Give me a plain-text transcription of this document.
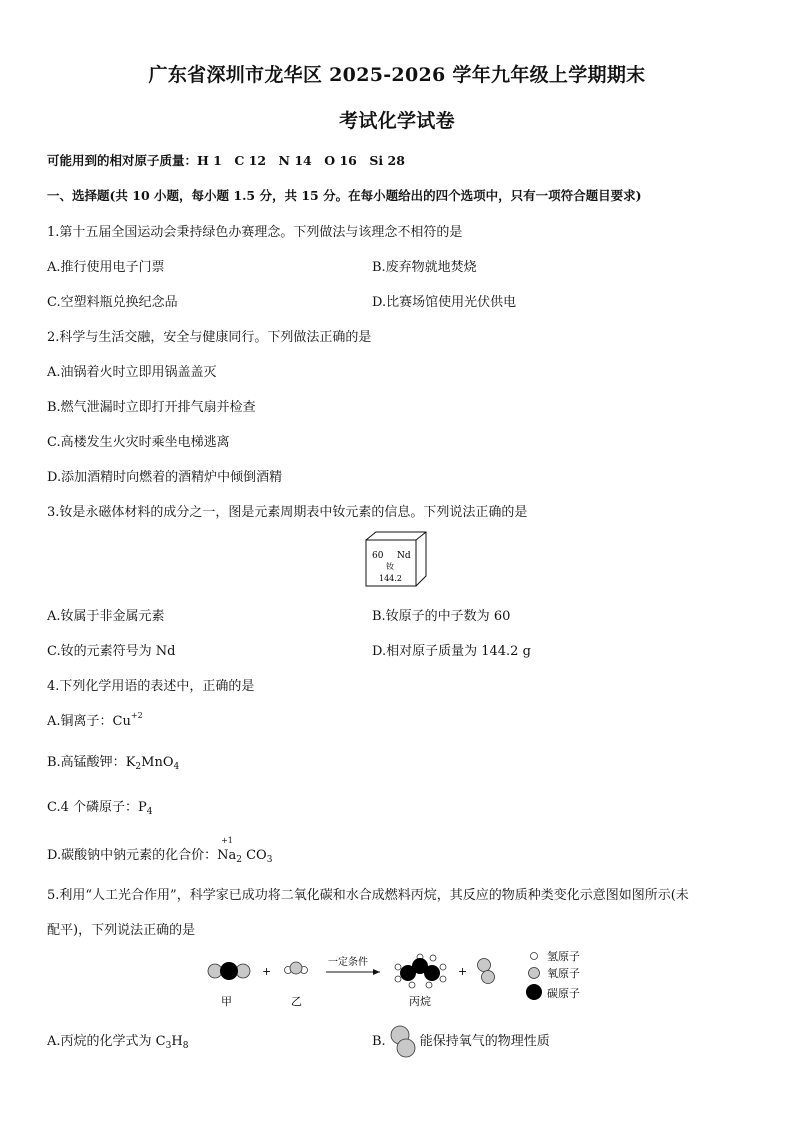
广东省深圳市龙华区 2025-2026 学年九年级上学期期末
考试化学试卷
可能用到的相对原子质量：H 1　C 12　N 14　O 16　Si 28
一、选择题(共 10 小题，每小题 1.5 分，共 15 分。在每小题给出的四个选项中，只有一项符合题目要求)
1.第十五届全国运动会秉持绿色办赛理念。下列做法与该理念不相符的是
A.推行使用电子门票	B.废弃物就地焚烧
C.空塑料瓶兑换纪念品	D.比赛场馆使用光伏供电
2.科学与生活交融，安全与健康同行。下列做法正确的是
A.油锅着火时立即用锅盖盖灭
B.燃气泄漏时立即打开排气扇并检查
C.高楼发生火灾时乘坐电梯逃离
D.添加酒精时向燃着的酒精炉中倾倒酒精
3.钕是永磁体材料的成分之一，图是元素周期表中钕元素的信息。下列说法正确的是
60 Nd
钕
144.2
A.钕属于非金属元素	B.钕原子的中子数为 60
C.钕的元素符号为 Nd	D.相对原子质量为 144.2 g
4.下列化学用语的表述中，正确的是
A.铜离子：$Cu^{+2}$
B.高锰酸钾：$K_2MnO_4$
C.4 个磷原子：$P_4$
D.碳酸钠中钠元素的化合价：
+1
$Na_2$ $CO_3$
5.利用“人工光合作用”，科学家已成功将二氧化碳和水合成燃料丙烷，其反应的物质种类变化示意图如图所示(未
配平)，下列说法正确的是
甲
+
乙
一定条件
丙烷
+
氢原子
氧原子
碳原子
A.丙烷的化学式为 $C_3H_8$	B.	能保持氧气的物理性质
